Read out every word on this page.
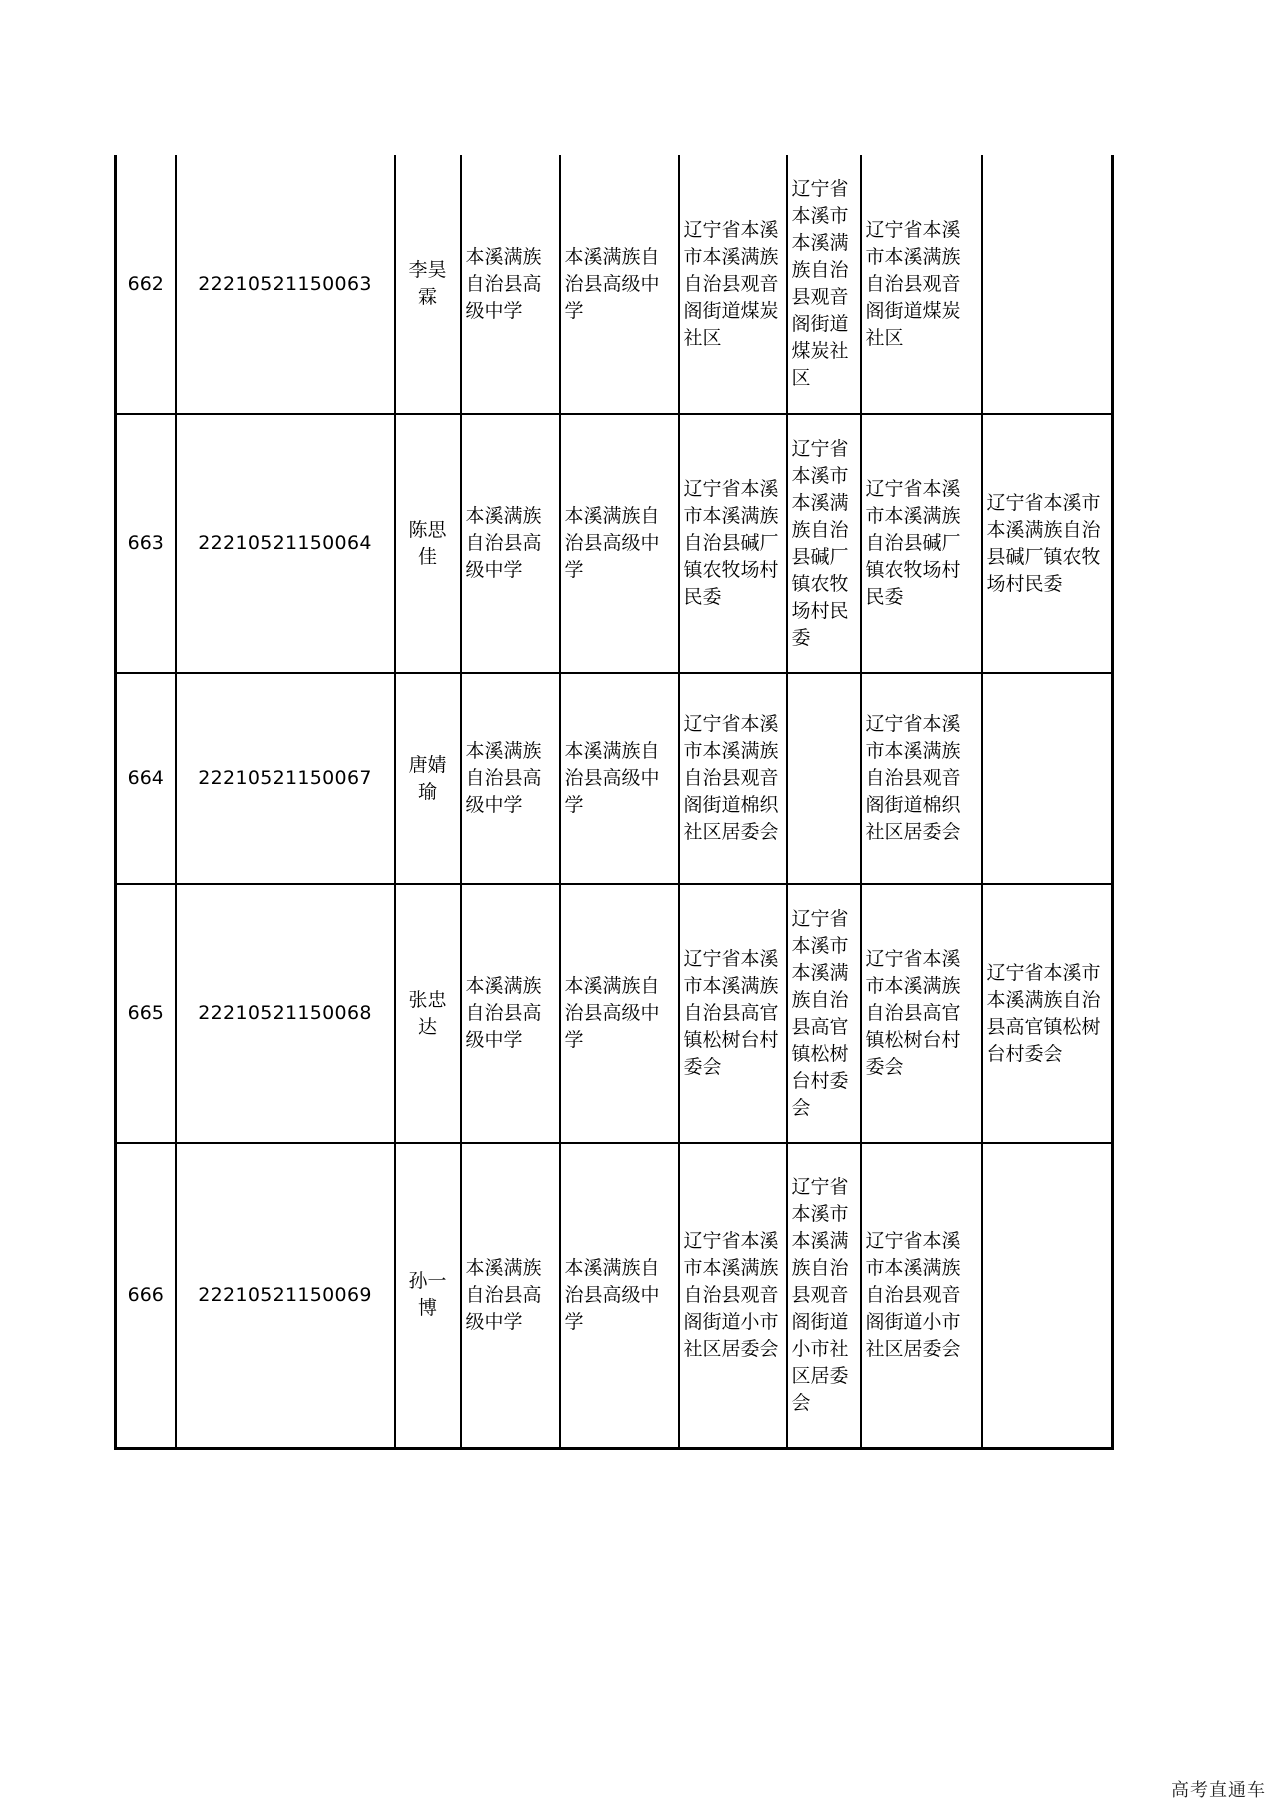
662	22210521150063	李昊霖	本溪满族自治县高级中学	本溪满族自治县高级中学	辽宁省本溪市本溪满族自治县观音阁街道煤炭社区	辽宁省本溪市本溪满族自治县观音阁街道煤炭社区	辽宁省本溪市本溪满族自治县观音阁街道煤炭社区	
663	22210521150064	陈思佳	本溪满族自治县高级中学	本溪满族自治县高级中学	辽宁省本溪市本溪满族自治县碱厂镇农牧场村民委	辽宁省本溪市本溪满族自治县碱厂镇农牧场村民委	辽宁省本溪市本溪满族自治县碱厂镇农牧场村民委	辽宁省本溪市本溪满族自治县碱厂镇农牧场村民委
664	22210521150067	唐婧瑜	本溪满族自治县高级中学	本溪满族自治县高级中学	辽宁省本溪市本溪满族自治县观音阁街道棉织社区居委会		辽宁省本溪市本溪满族自治县观音阁街道棉织社区居委会	
665	22210521150068	张忠达	本溪满族自治县高级中学	本溪满族自治县高级中学	辽宁省本溪市本溪满族自治县高官镇松树台村委会	辽宁省本溪市本溪满族自治县高官镇松树台村委会	辽宁省本溪市本溪满族自治县高官镇松树台村委会	辽宁省本溪市本溪满族自治县高官镇松树台村委会
666	22210521150069	孙一博	本溪满族自治县高级中学	本溪满族自治县高级中学	辽宁省本溪市本溪满族自治县观音阁街道小市社区居委会	辽宁省本溪市本溪满族自治县观音阁街道小市社区居委会	辽宁省本溪市本溪满族自治县观音阁街道小市社区居委会	
高考直通车
